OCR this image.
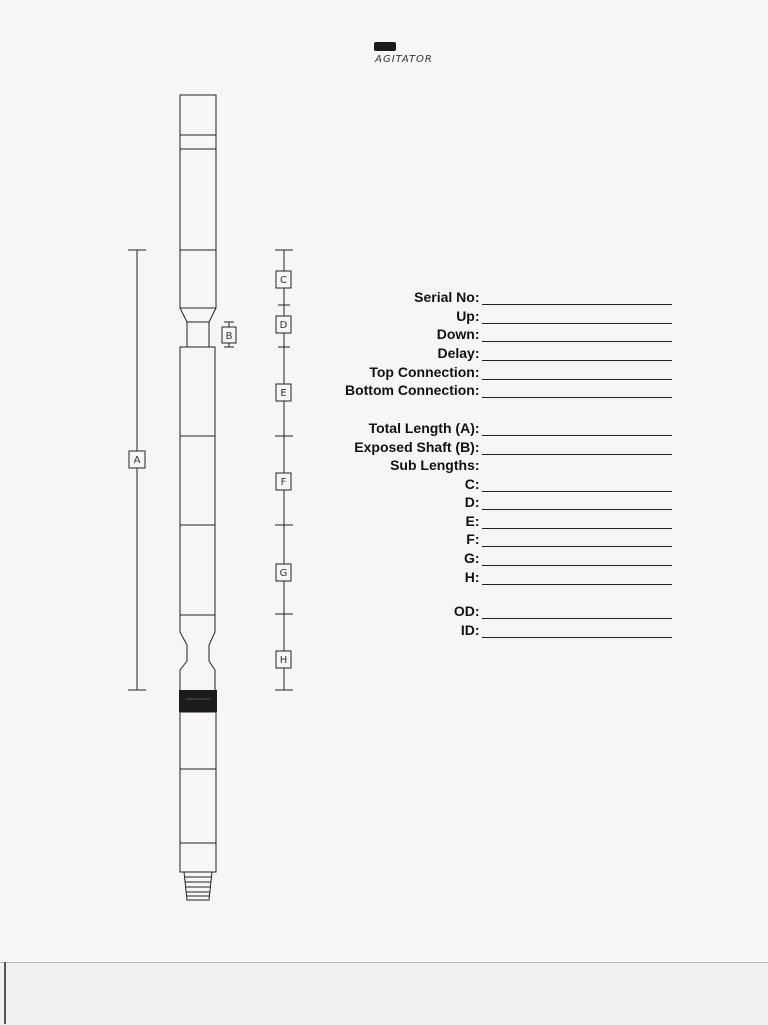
AGITATOR
A
B
C
D
E
F
G
H
Serial No:
Up:
Down:
Delay:
Top Connection:
Bottom Connection:
Total Length (A):
Exposed Shaft (B):
Sub Lengths:
C:
D:
E:
F:
G:
H:
OD:
ID:
